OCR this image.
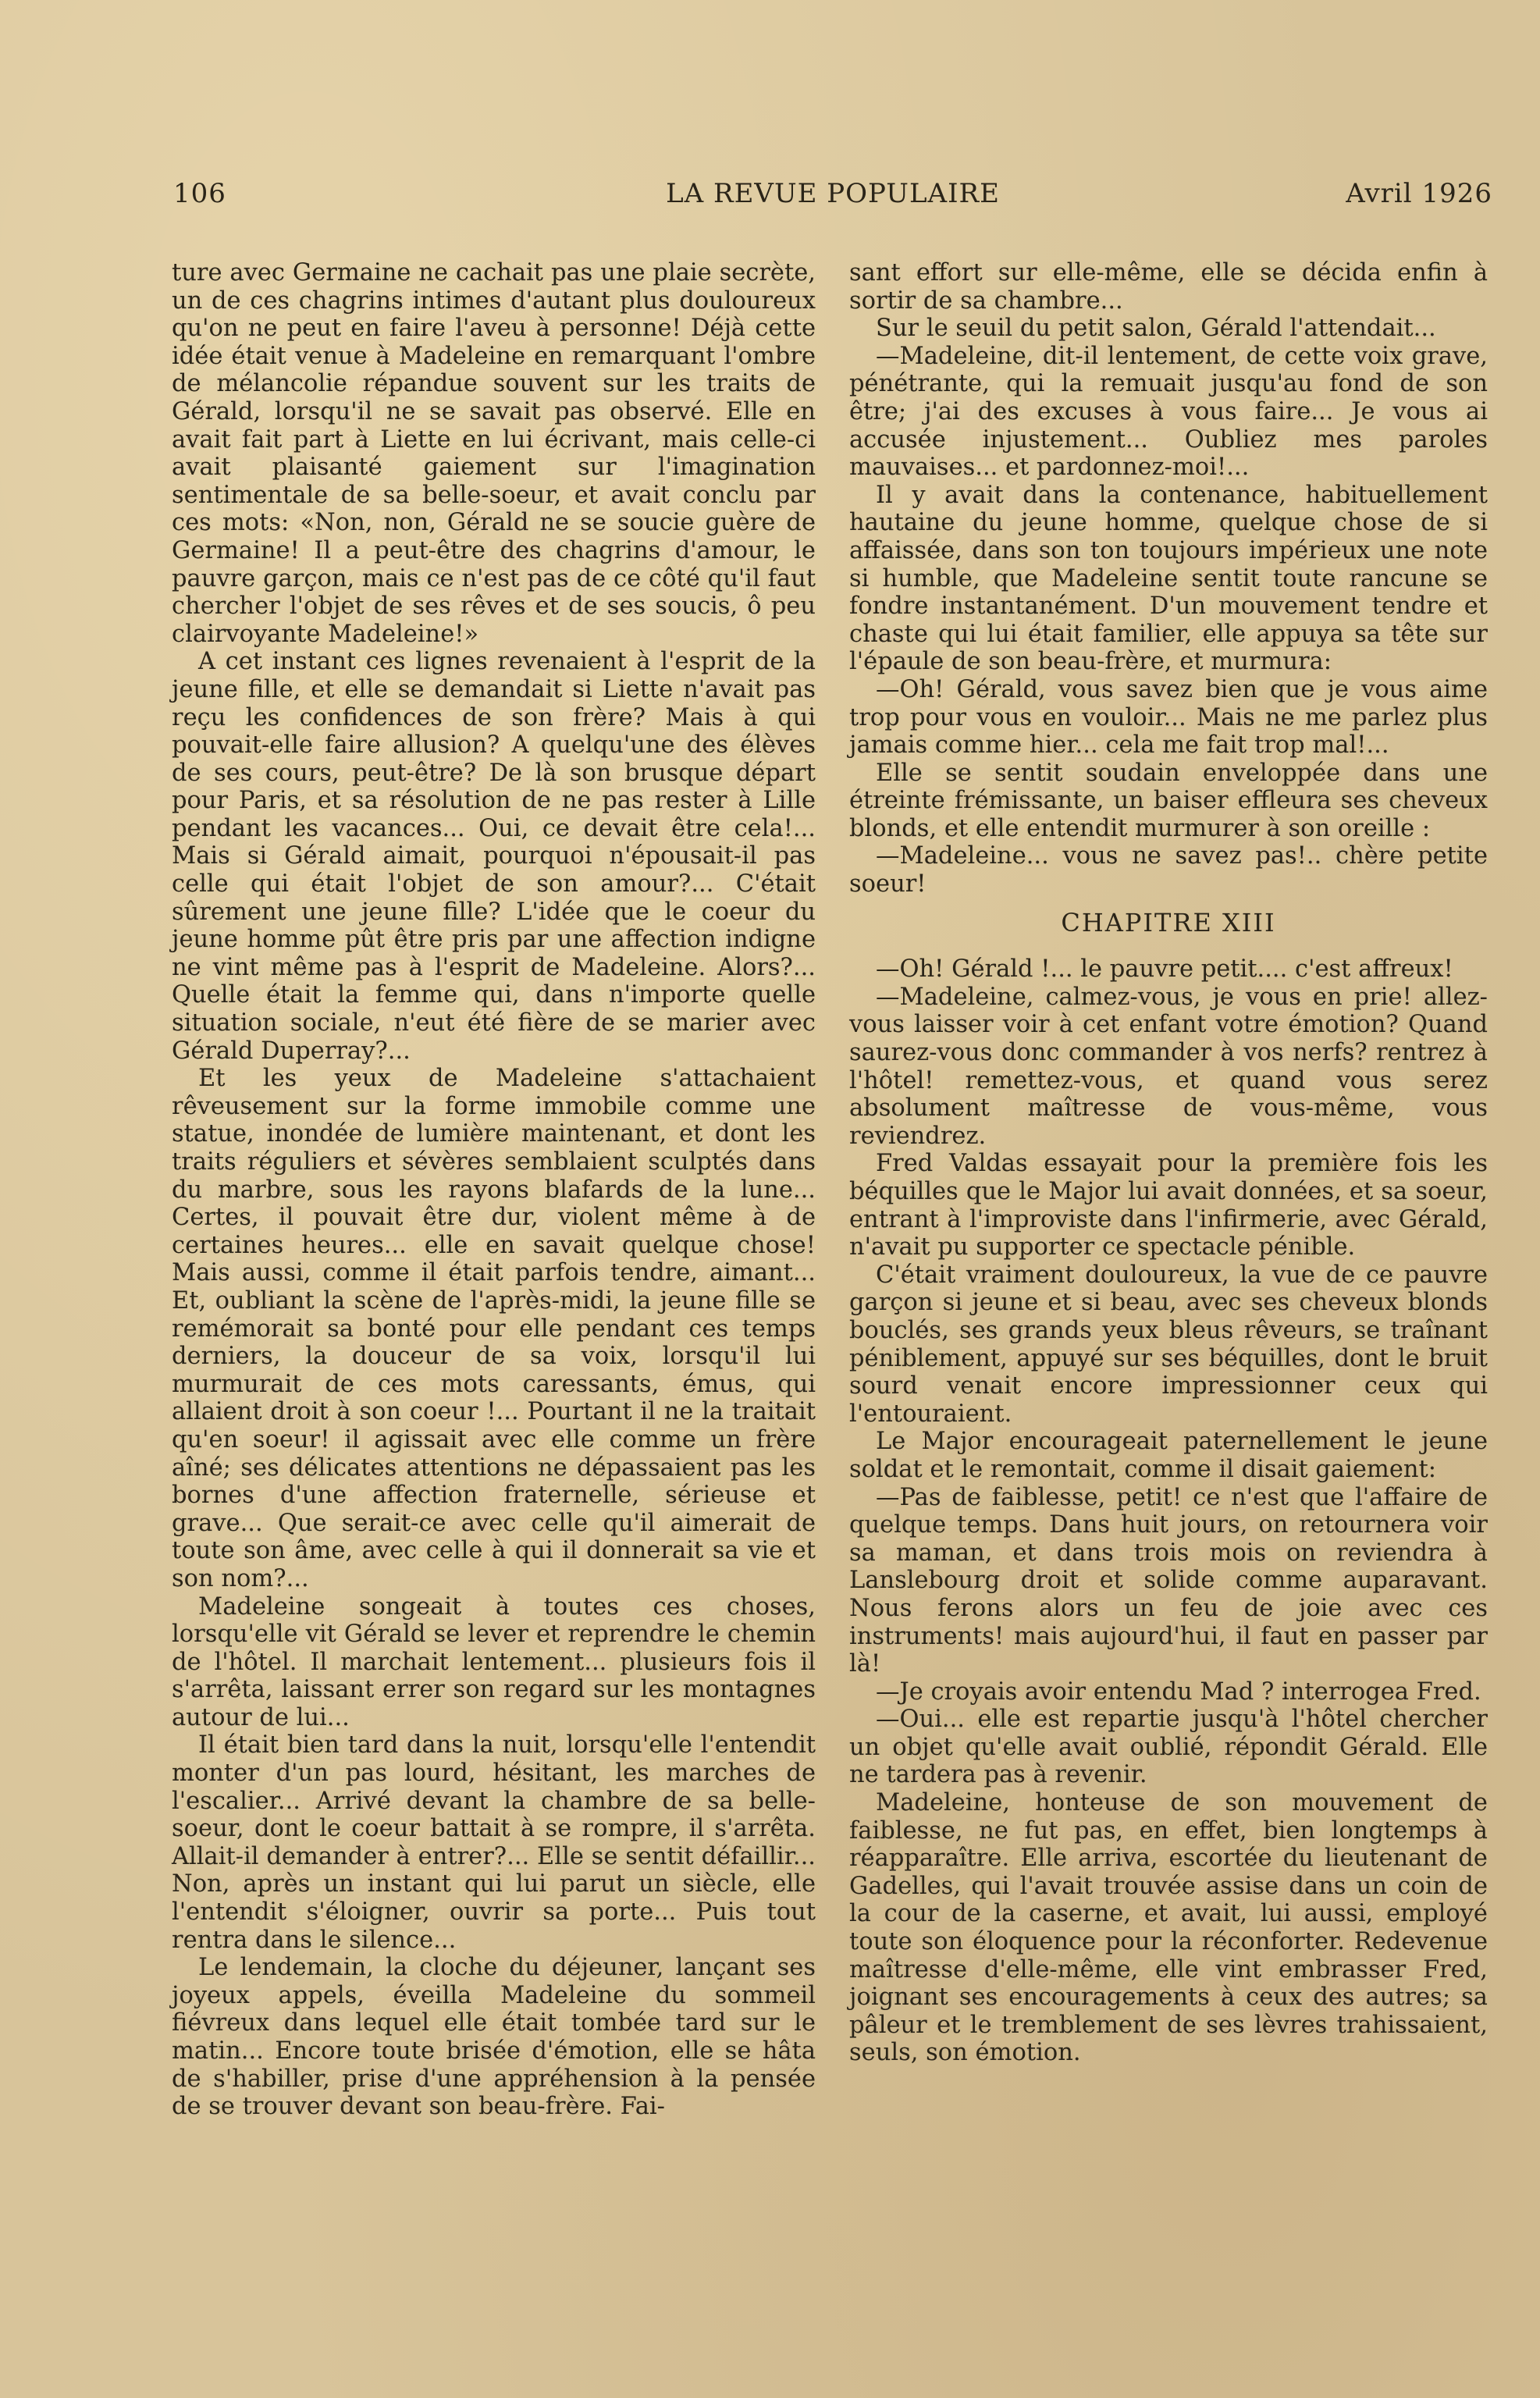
106	LA REVUE POPULAIRE	Avril 1926

ture avec Germaine ne cachait pas une plaie secrète, un de ces chagrins intimes d'autant plus douloureux qu'on ne peut en faire l'aveu à personne! Déjà cette idée était venue à Madeleine en remarquant l'ombre de mélancolie répandue souvent sur les traits de Gérald, lorsqu'il ne se savait pas observé. Elle en avait fait part à Liette en lui écrivant, mais celle-ci avait plaisanté gaiement sur l'imagination sentimentale de sa belle-soeur, et avait conclu par ces mots: «Non, non, Gérald ne se soucie guère de Germaine! Il a peut-être des chagrins d'amour, le pauvre garçon, mais ce n'est pas de ce côté qu'il faut chercher l'objet de ses rêves et de ses soucis, ô peu clairvoyante Madeleine!»

A cet instant ces lignes revenaient à l'esprit de la jeune fille, et elle se demandait si Liette n'avait pas reçu les confidences de son frère? Mais à qui pouvait-elle faire allusion? A quelqu'une des élèves de ses cours, peut-être? De là son brusque départ pour Paris, et sa résolution de ne pas rester à Lille pendant les vacances... Oui, ce devait être cela!... Mais si Gérald aimait, pourquoi n'épousait-il pas celle qui était l'objet de son amour?... C'était sûrement une jeune fille? L'idée que le coeur du jeune homme pût être pris par une affection indigne ne vint même pas à l'esprit de Madeleine. Alors?... Quelle était la femme qui, dans n'importe quelle situation sociale, n'eut été fière de se marier avec Gérald Duperray?...

Et les yeux de Madeleine s'attachaient rêveusement sur la forme immobile comme une statue, inondée de lumière maintenant, et dont les traits réguliers et sévères semblaient sculptés dans du marbre, sous les rayons blafards de la lune... Certes, il pouvait être dur, violent même à de certaines heures... elle en savait quelque chose! Mais aussi, comme il était parfois tendre, aimant... Et, oubliant la scène de l'après-midi, la jeune fille se remémorait sa bonté pour elle pendant ces temps derniers, la douceur de sa voix, lorsqu'il lui murmurait de ces mots caressants, émus, qui allaient droit à son coeur !... Pourtant il ne la traitait qu'en soeur! il agissait avec elle comme un frère aîné; ses délicates attentions ne dépassaient pas les bornes d'une affection fraternelle, sérieuse et grave... Que serait-ce avec celle qu'il aimerait de toute son âme, avec celle à qui il donnerait sa vie et son nom?...

Madeleine songeait à toutes ces choses, lorsqu'elle vit Gérald se lever et reprendre le chemin de l'hôtel. Il marchait lentement... plusieurs fois il s'arrêta, laissant errer son regard sur les montagnes autour de lui...

Il était bien tard dans la nuit, lorsqu'elle l'entendit monter d'un pas lourd, hésitant, les marches de l'escalier... Arrivé devant la chambre de sa belle-soeur, dont le coeur battait à se rompre, il s'arrêta. Allait-il demander à entrer?... Elle se sentit défaillir... Non, après un instant qui lui parut un siècle, elle l'entendit s'éloigner, ouvrir sa porte... Puis tout rentra dans le silence...

Le lendemain, la cloche du déjeuner, lançant ses joyeux appels, éveilla Madeleine du sommeil fiévreux dans lequel elle était tombée tard sur le matin... Encore toute brisée d'émotion, elle se hâta de s'habiller, prise d'une appréhension à la pensée de se trouver devant son beau-frère. Fai-

sant effort sur elle-même, elle se décida enfin à sortir de sa chambre...

Sur le seuil du petit salon, Gérald l'attendait...

—Madeleine, dit-il lentement, de cette voix grave, pénétrante, qui la remuait jusqu'au fond de son être; j'ai des excuses à vous faire... Je vous ai accusée injustement... Oubliez mes paroles mauvaises... et pardonnez-moi!...

Il y avait dans la contenance, habituellement hautaine du jeune homme, quelque chose de si affaissée, dans son ton toujours impérieux une note si humble, que Madeleine sentit toute rancune se fondre instantanément. D'un mouvement tendre et chaste qui lui était familier, elle appuya sa tête sur l'épaule de son beau-frère, et murmura:

—Oh! Gérald, vous savez bien que je vous aime trop pour vous en vouloir... Mais ne me parlez plus jamais comme hier... cela me fait trop mal!...

Elle se sentit soudain enveloppée dans une étreinte frémissante, un baiser effleura ses cheveux blonds, et elle entendit murmurer à son oreille :

—Madeleine... vous ne savez pas!.. chère petite soeur!

CHAPITRE XIII

—Oh! Gérald !... le pauvre petit.... c'est affreux!

—Madeleine, calmez-vous, je vous en prie! allez-vous laisser voir à cet enfant votre émotion? Quand saurez-vous donc commander à vos nerfs? rentrez à l'hôtel! remettez-vous, et quand vous serez absolument maîtresse de vous-même, vous reviendrez.

Fred Valdas essayait pour la première fois les béquilles que le Major lui avait données, et sa soeur, entrant à l'improviste dans l'infirmerie, avec Gérald, n'avait pu supporter ce spectacle pénible.

C'était vraiment douloureux, la vue de ce pauvre garçon si jeune et si beau, avec ses cheveux blonds bouclés, ses grands yeux bleus rêveurs, se traînant péniblement, appuyé sur ses béquilles, dont le bruit sourd venait encore impressionner ceux qui l'entouraient.

Le Major encourageait paternellement le jeune soldat et le remontait, comme il disait gaiement:

—Pas de faiblesse, petit! ce n'est que l'affaire de quelque temps. Dans huit jours, on retournera voir sa maman, et dans trois mois on reviendra à Lanslebourg droit et solide comme auparavant. Nous ferons alors un feu de joie avec ces instruments! mais aujourd'hui, il faut en passer par là!

—Je croyais avoir entendu Mad ? interrogea Fred.

—Oui... elle est repartie jusqu'à l'hôtel chercher un objet qu'elle avait oublié, répondit Gérald. Elle ne tardera pas à revenir.

Madeleine, honteuse de son mouvement de faiblesse, ne fut pas, en effet, bien longtemps à réapparaître. Elle arriva, escortée du lieutenant de Gadelles, qui l'avait trouvée assise dans un coin de la cour de la caserne, et avait, lui aussi, employé toute son éloquence pour la réconforter. Redevenue maîtresse d'elle-même, elle vint embrasser Fred, joignant ses encouragements à ceux des autres; sa pâleur et le tremblement de ses lèvres trahissaient, seuls, son émotion.
